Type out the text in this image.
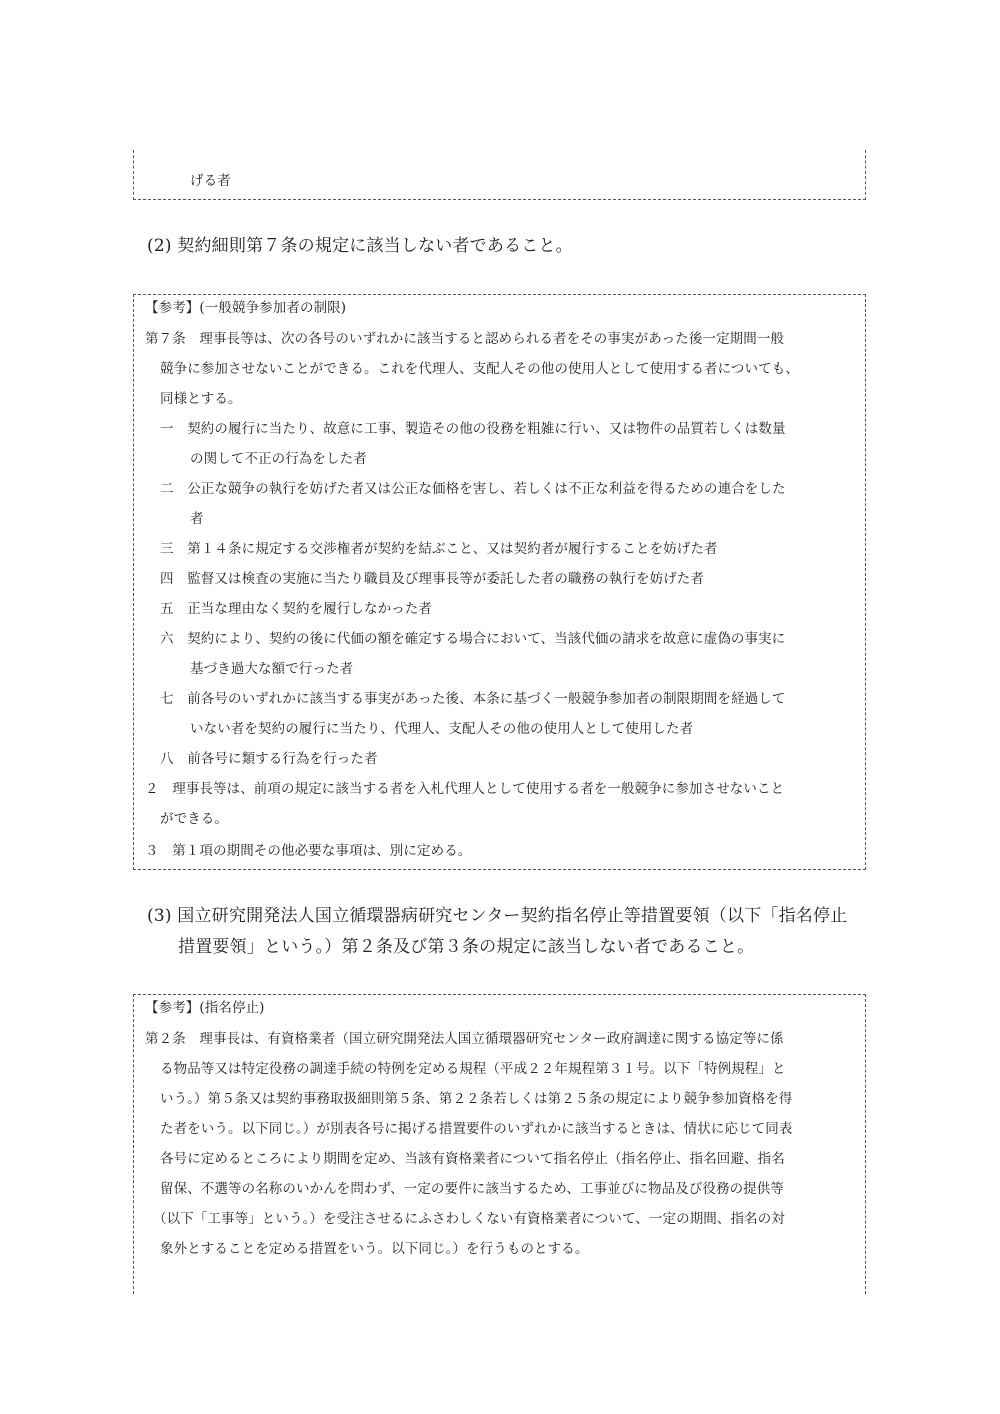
げる者
(2) 契約細則第７条の規定に該当しない者であること。
【参考】(一般競争参加者の制限)
第７条　理事長等は、次の各号のいずれかに該当すると認められる者をその事実があった後一定期間一般
競争に参加させないことができる。これを代理人、支配人その他の使用人として使用する者についても、
同様とする。
一　契約の履行に当たり、故意に工事、製造その他の役務を粗雑に行い、又は物件の品質若しくは数量
の関して不正の行為をした者
二　公正な競争の執行を妨げた者又は公正な価格を害し、若しくは不正な利益を得るための連合をした
者
三　第１４条に規定する交渉権者が契約を結ぶこと、又は契約者が履行することを妨げた者
四　監督又は検査の実施に当たり職員及び理事長等が委託した者の職務の執行を妨げた者
五　正当な理由なく契約を履行しなかった者
六　契約により、契約の後に代価の額を確定する場合において、当該代価の請求を故意に虚偽の事実に
基づき過大な額で行った者
七　前各号のいずれかに該当する事実があった後、本条に基づく一般競争参加者の制限期間を経過して
いない者を契約の履行に当たり、代理人、支配人その他の使用人として使用した者
八　前各号に類する行為を行った者
２　理事長等は、前項の規定に該当する者を入札代理人として使用する者を一般競争に参加させないこと
ができる。
３　第１項の期間その他必要な事項は、別に定める。
(3) 国立研究開発法人国立循環器病研究センター契約指名停止等措置要領（以下「指名停止
措置要領」という。）第２条及び第３条の規定に該当しない者であること。
【参考】(指名停止)
第２条　理事長は、有資格業者（国立研究開発法人国立循環器研究センター政府調達に関する協定等に係
る物品等又は特定役務の調達手続の特例を定める規程（平成２２年規程第３１号。以下「特例規程」と
いう。）第５条又は契約事務取扱細則第５条、第２２条若しくは第２５条の規定により競争参加資格を得
た者をいう。以下同じ。）が別表各号に掲げる措置要件のいずれかに該当するときは、情状に応じて同表
各号に定めるところにより期間を定め、当該有資格業者について指名停止（指名停止、指名回避、指名
留保、不選等の名称のいかんを問わず、一定の要件に該当するため、工事並びに物品及び役務の提供等
（以下「工事等」という。）を受注させるにふさわしくない有資格業者について、一定の期間、指名の対
象外とすることを定める措置をいう。以下同じ。）を行うものとする。
